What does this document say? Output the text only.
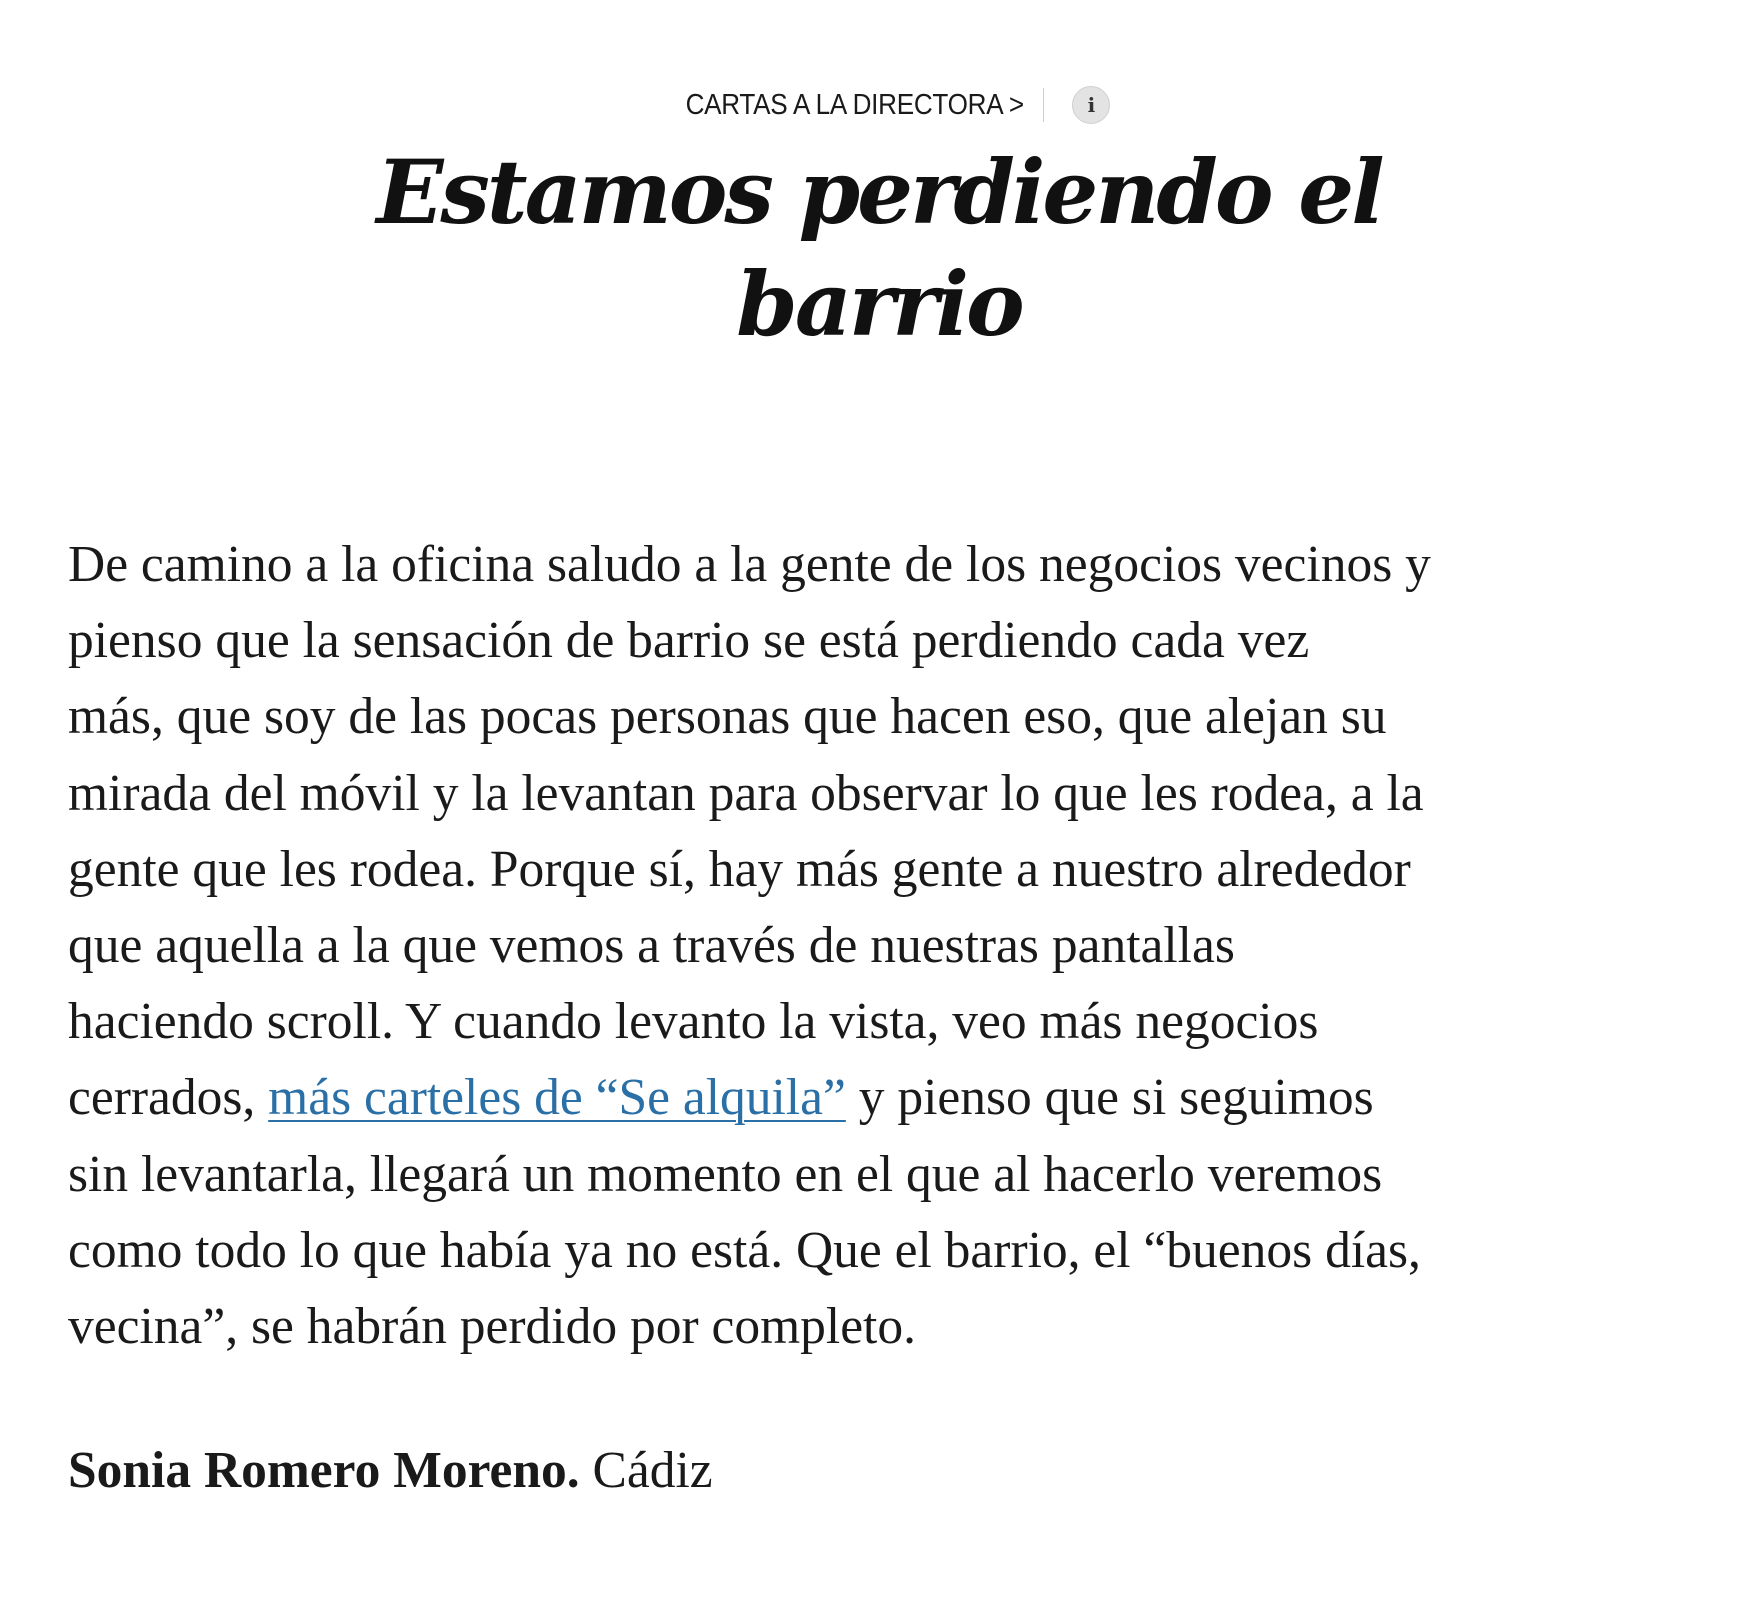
CARTAS A LA DIRECTORA >	i
Estamos perdiendo el
barrio

De camino a la oficina saludo a la gente de los negocios vecinos y
pienso que la sensación de barrio se está perdiendo cada vez
más, que soy de las pocas personas que hacen eso, que alejan su
mirada del móvil y la levantan para observar lo que les rodea, a la
gente que les rodea. Porque sí, hay más gente a nuestro alrededor
que aquella a la que vemos a través de nuestras pantallas
haciendo scroll. Y cuando levanto la vista, veo más negocios
cerrados, más carteles de “Se alquila” y pienso que si seguimos
sin levantarla, llegará un momento en el que al hacerlo veremos
como todo lo que había ya no está. Que el barrio, el “buenos días,
vecina”, se habrán perdido por completo.

Sonia Romero Moreno. Cádiz
